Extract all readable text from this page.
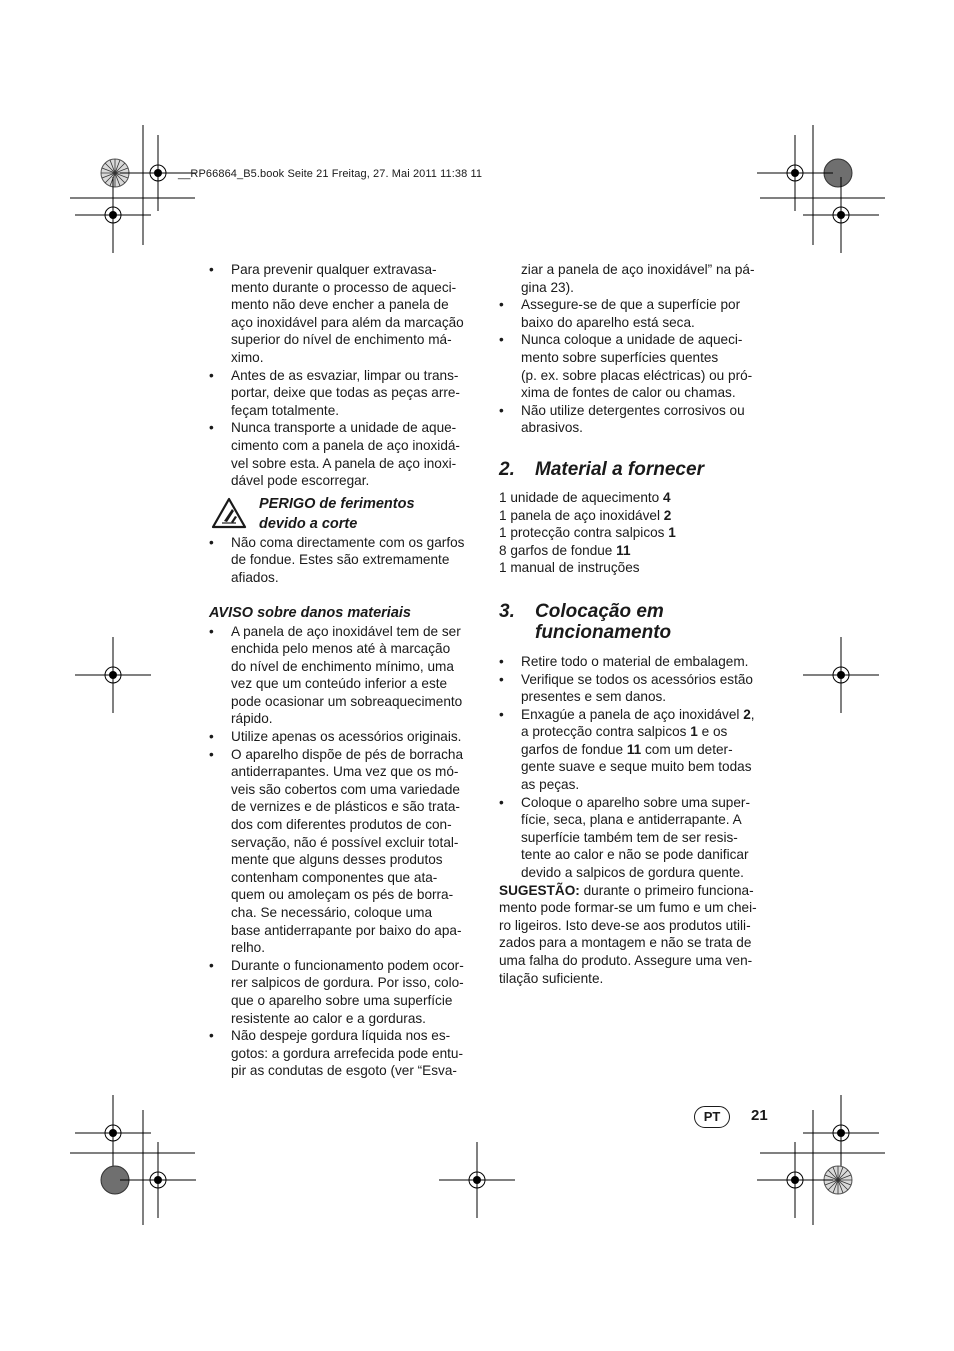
__RP66864_B5.book Seite 21 Freitag, 27. Mai 2011 11:38 11
• Para prevenir qualquer extravasa-
mento durante o processo de aqueci-
mento não deve encher a panela de
aço inoxidável para além da marcação
superior do nível de enchimento má-
ximo.
• Antes de as esvaziar, limpar ou trans-
portar, deixe que todas as peças arre-
feçam totalmente.
• Nunca transporte a unidade de aque-
cimento com a panela de aço inoxidá-
vel sobre esta. A panela de aço inoxi-
dável pode escorregar.
PERIGO de ferimentos
devido a corte
• Não coma directamente com os garfos
de fondue. Estes são extremamente
afiados.
AVISO sobre danos materiais
• A panela de aço inoxidável tem de ser
enchida pelo menos até à marcação
do nível de enchimento mínimo, uma
vez que um conteúdo inferior a este
pode ocasionar um sobreaquecimento
rápido.
• Utilize apenas os acessórios originais.
• O aparelho dispõe de pés de borracha
antiderrapantes. Uma vez que os mó-
veis são cobertos com uma variedade
de vernizes e de plásticos e são trata-
dos com diferentes produtos de con-
servação, não é possível excluir total-
mente que alguns desses produtos
contenham componentes que ata-
quem ou amoleçam os pés de borra-
cha. Se necessário, coloque uma
base antiderrapante por baixo do apa-
relho.
• Durante o funcionamento podem ocor-
rer salpicos de gordura. Por isso, colo-
que o aparelho sobre uma superfície
resistente ao calor e a gorduras.
• Não despeje gordura líquida nos es-
gotos: a gordura arrefecida pode entu-
pir as condutas de esgoto (ver “Esva-
ziar a panela de aço inoxidável” na pá-
gina 23).
• Assegure-se de que a superfície por
baixo do aparelho está seca.
• Nunca coloque a unidade de aqueci-
mento sobre superfícies quentes
(p. ex. sobre placas eléctricas) ou pró-
xima de fontes de calor ou chamas.
• Não utilize detergentes corrosivos ou
abrasivos.
2.	Material a fornecer
1 unidade de aquecimento 4
1 panela de aço inoxidável 2
1 protecção contra salpicos 1
8 garfos de fondue 11
1 manual de instruções
3.	Colocação em
funcionamento
• Retire todo o material de embalagem.
• Verifique se todos os acessórios estão
presentes e sem danos.
• Enxagúe a panela de aço inoxidável 2,
a protecção contra salpicos 1 e os
garfos de fondue 11 com um deter-
gente suave e seque muito bem todas
as peças.
• Coloque o aparelho sobre uma super-
fície, seca, plana e antiderrapante. A
superfície também tem de ser resis-
tente ao calor e não se pode danificar
devido a salpicos de gordura quente.
SUGESTÃO: durante o primeiro funciona-
mento pode formar-se um fumo e um chei-
ro ligeiros. Isto deve-se aos produtos utili-
zados para a montagem e não se trata de
uma falha do produto. Assegure uma ven-
tilação suficiente.
PT	21
